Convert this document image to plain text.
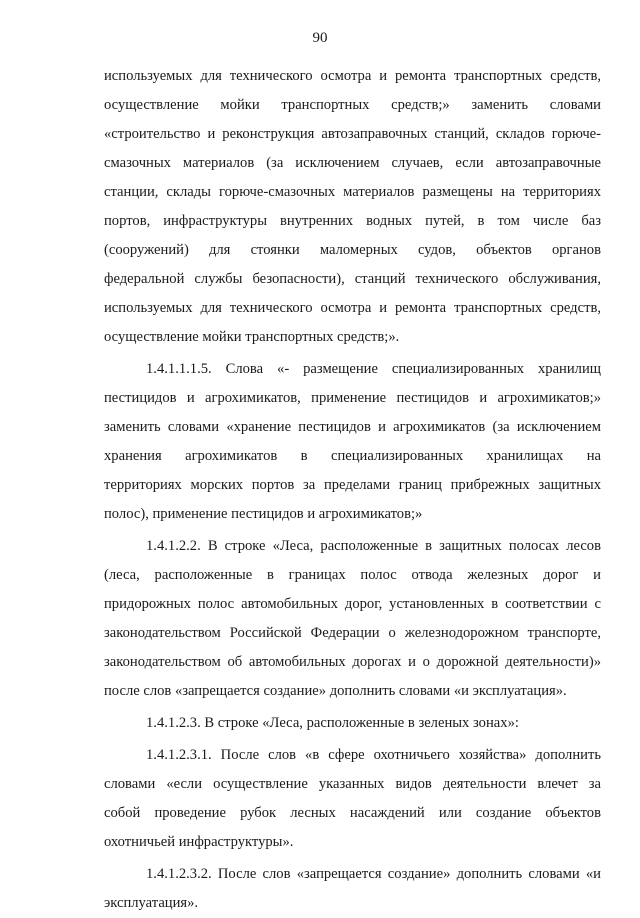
90

используемых для технического осмотра и ремонта транспортных средств,
осуществление мойки транспортных средств;» заменить словами
«строительство и реконструкция автозаправочных станций, складов горюче-
смазочных материалов (за исключением случаев, если автозаправочные
станции, склады горюче-смазочных материалов размещены на территориях
портов, инфраструктуры внутренних водных путей, в том числе баз
(сооружений) для стоянки маломерных судов, объектов органов
федеральной службы безопасности), станций технического обслуживания,
используемых для технического осмотра и ремонта транспортных средств,
осуществление мойки транспортных средств;».

1.4.1.1.1.5. Слова «- размещение специализированных хранилищ
пестицидов и агрохимикатов, применение пестицидов и агрохимикатов;»
заменить словами «хранение пестицидов и агрохимикатов (за исключением
хранения агрохимикатов в специализированных хранилищах на
территориях морских портов за пределами границ прибрежных защитных
полос), применение пестицидов и агрохимикатов;»

1.4.1.2.2. В строке «Леса, расположенные в защитных полосах лесов
(леса, расположенные в границах полос отвода железных дорог и
придорожных полос автомобильных дорог, установленных в соответствии с
законодательством Российской Федерации о железнодорожном транспорте,
законодательством об автомобильных дорогах и о дорожной деятельности)»
после слов «запрещается создание» дополнить словами «и эксплуатация».

1.4.1.2.3. В строке «Леса, расположенные в зеленых зонах»:

1.4.1.2.3.1. После слов «в сфере охотничьего хозяйства» дополнить
словами «если осуществление указанных видов деятельности влечет за
собой проведение рубок лесных насаждений или создание объектов
охотничьей инфраструктуры».

1.4.1.2.3.2. После слов «запрещается создание» дополнить словами «и
эксплуатация».
